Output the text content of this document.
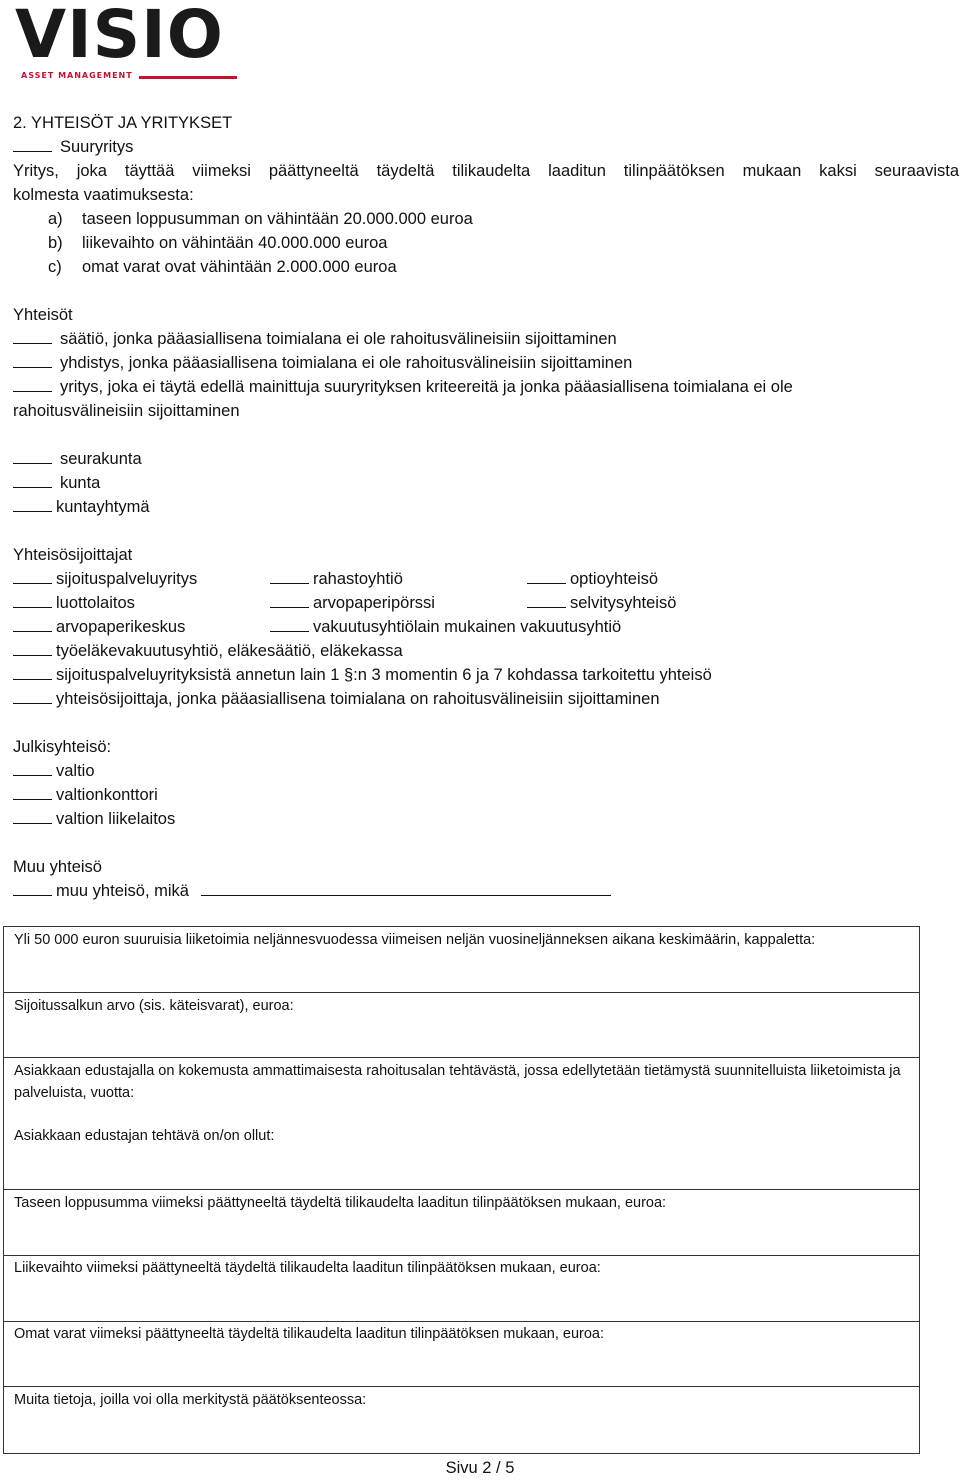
VISIO
ASSET MANAGEMENT
2. YHTEISÖT JA YRITYKSET
Suuryritys
Yritys, joka täyttää viimeksi päättyneeltä täydeltä tilikaudelta laaditun tilinpäätöksen mukaan kaksi seuraavista
kolmesta vaatimuksesta:
a) taseen loppusumman on vähintään 20.000.000 euroa
b) liikevaihto on vähintään 40.000.000 euroa
c) omat varat ovat vähintään 2.000.000 euroa
Yhteisöt
säätiö, jonka pääasiallisena toimialana ei ole rahoitusvälineisiin sijoittaminen
yhdistys, jonka pääasiallisena toimialana ei ole rahoitusvälineisiin sijoittaminen
yritys, joka ei täytä edellä mainittuja suuryrityksen kriteereitä ja jonka pääasiallisena toimialana ei ole
rahoitusvälineisiin sijoittaminen
seurakunta
kunta
kuntayhtymä
Yhteisösijoittajat
sijoituspalveluyritys	rahastoyhtiö	optioyhteisö
luottolaitos	arvopaperipörssi	selvitysyhteisö
arvopaperikeskus	vakuutusyhtiölain mukainen vakuutusyhtiö
työeläkevakuutusyhtiö, eläkesäätiö, eläkekassa
sijoituspalveluyrityksistä annetun lain 1 §:n 3 momentin 6 ja 7 kohdassa tarkoitettu yhteisö
yhteisösijoittaja, jonka pääasiallisena toimialana on rahoitusvälineisiin sijoittaminen
Julkisyhteisö:
valtio
valtionkonttori
valtion liikelaitos
Muu yhteisö
muu yhteisö, mikä
Yli 50 000 euron suuruisia liiketoimia neljännesvuodessa viimeisen neljän vuosineljänneksen aikana keskimäärin, kappaletta:
Sijoitussalkun arvo (sis. käteisvarat), euroa:
Asiakkaan edustajalla on kokemusta ammattimaisesta rahoitusalan tehtävästä, jossa edellytetään tietämystä suunnitelluista liiketoimista ja palveluista, vuotta:
Asiakkaan edustajan tehtävä on/on ollut:
Taseen loppusumma viimeksi päättyneeltä täydeltä tilikaudelta laaditun tilinpäätöksen mukaan, euroa:
Liikevaihto viimeksi päättyneeltä täydeltä tilikaudelta laaditun tilinpäätöksen mukaan, euroa:
Omat varat viimeksi päättyneeltä täydeltä tilikaudelta laaditun tilinpäätöksen mukaan, euroa:
Muita tietoja, joilla voi olla merkitystä päätöksenteossa:
Sivu 2 / 5
